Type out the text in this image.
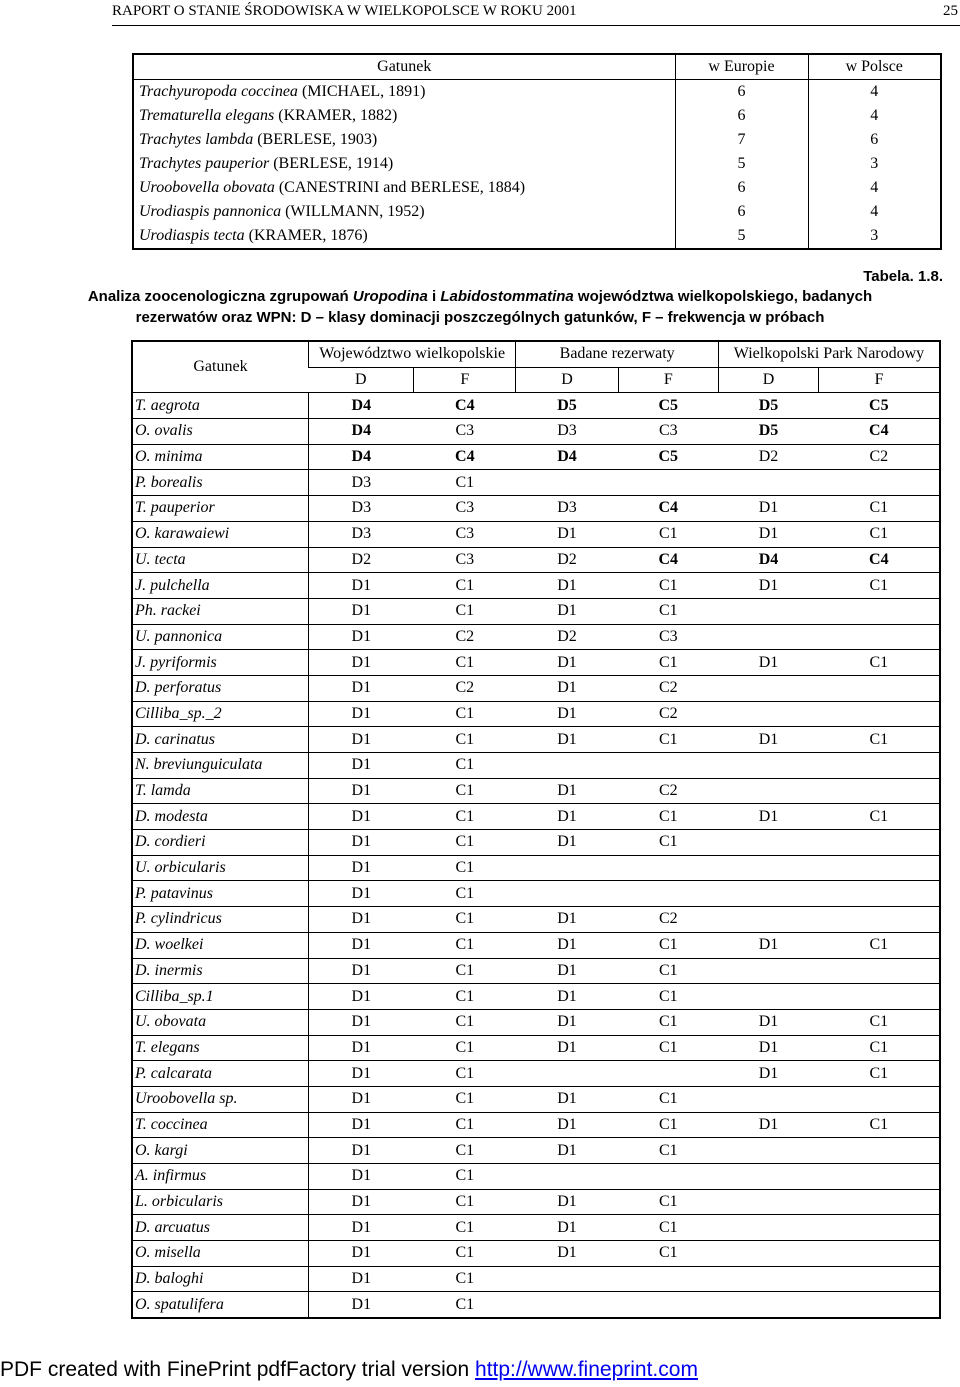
RAPORT O STANIE ŚRODOWISKA W WIELKOPOLSCE W ROKU 2001	25
Gatunek	w Europie	w Polsce
Trachyuropoda coccinea (MICHAEL, 1891)	6	4
Trematurella elegans (KRAMER, 1882)	6	4
Trachytes lambda (BERLESE, 1903)	7	6
Trachytes pauperior (BERLESE, 1914)	5	3
Uroobovella obovata (CANESTRINI and BERLESE, 1884)	6	4
Urodiaspis pannonica (WILLMANN, 1952)	6	4
Urodiaspis tecta (KRAMER, 1876)	5	3
Tabela. 1.8.
Analiza zoocenologiczna zgrupowań Uropodina i Labidostommatina województwa wielkopolskiego, badanych
rezerwatów oraz WPN: D – klasy dominacji poszczególnych gatunków, F – frekwencja w próbach
Gatunek	Województwo wielkopolskie		Badane rezerwaty		Wielkopolski Park Narodowy	
	D	F	D	F	D	F
T. aegrota	D4	C4	D5	C5	D5	C5
O. ovalis	D4	C3	D3	C3	D5	C4
O. minima	D4	C4	D4	C5	D2	C2
P. borealis	D3	C1				
T. pauperior	D3	C3	D3	C4	D1	C1
O. karawaiewi	D3	C3	D1	C1	D1	C1
U. tecta	D2	C3	D2	C4	D4	C4
J. pulchella	D1	C1	D1	C1	D1	C1
Ph. rackei	D1	C1	D1	C1		
U. pannonica	D1	C2	D2	C3		
J. pyriformis	D1	C1	D1	C1	D1	C1
D. perforatus	D1	C2	D1	C2		
Cilliba_sp._2	D1	C1	D1	C2		
D. carinatus	D1	C1	D1	C1	D1	C1
N. breviunguiculata	D1	C1				
T. lamda	D1	C1	D1	C2		
D. modesta	D1	C1	D1	C1	D1	C1
D. cordieri	D1	C1	D1	C1		
U. orbicularis	D1	C1				
P. patavinus	D1	C1				
P. cylindricus	D1	C1	D1	C2		
D. woelkei	D1	C1	D1	C1	D1	C1
D. inermis	D1	C1	D1	C1		
Cilliba_sp.1	D1	C1	D1	C1		
U. obovata	D1	C1	D1	C1	D1	C1
T. elegans	D1	C1	D1	C1	D1	C1
P. calcarata	D1	C1			D1	C1
Uroobovella sp.	D1	C1	D1	C1		
T. coccinea	D1	C1	D1	C1	D1	C1
O. kargi	D1	C1	D1	C1		
A. infirmus	D1	C1				
L. orbicularis	D1	C1	D1	C1		
D. arcuatus	D1	C1	D1	C1		
O. misella	D1	C1	D1	C1		
D. baloghi	D1	C1				
O. spatulifera	D1	C1				
PDF created with FinePrint pdfFactory trial version http://www.fineprint.com
